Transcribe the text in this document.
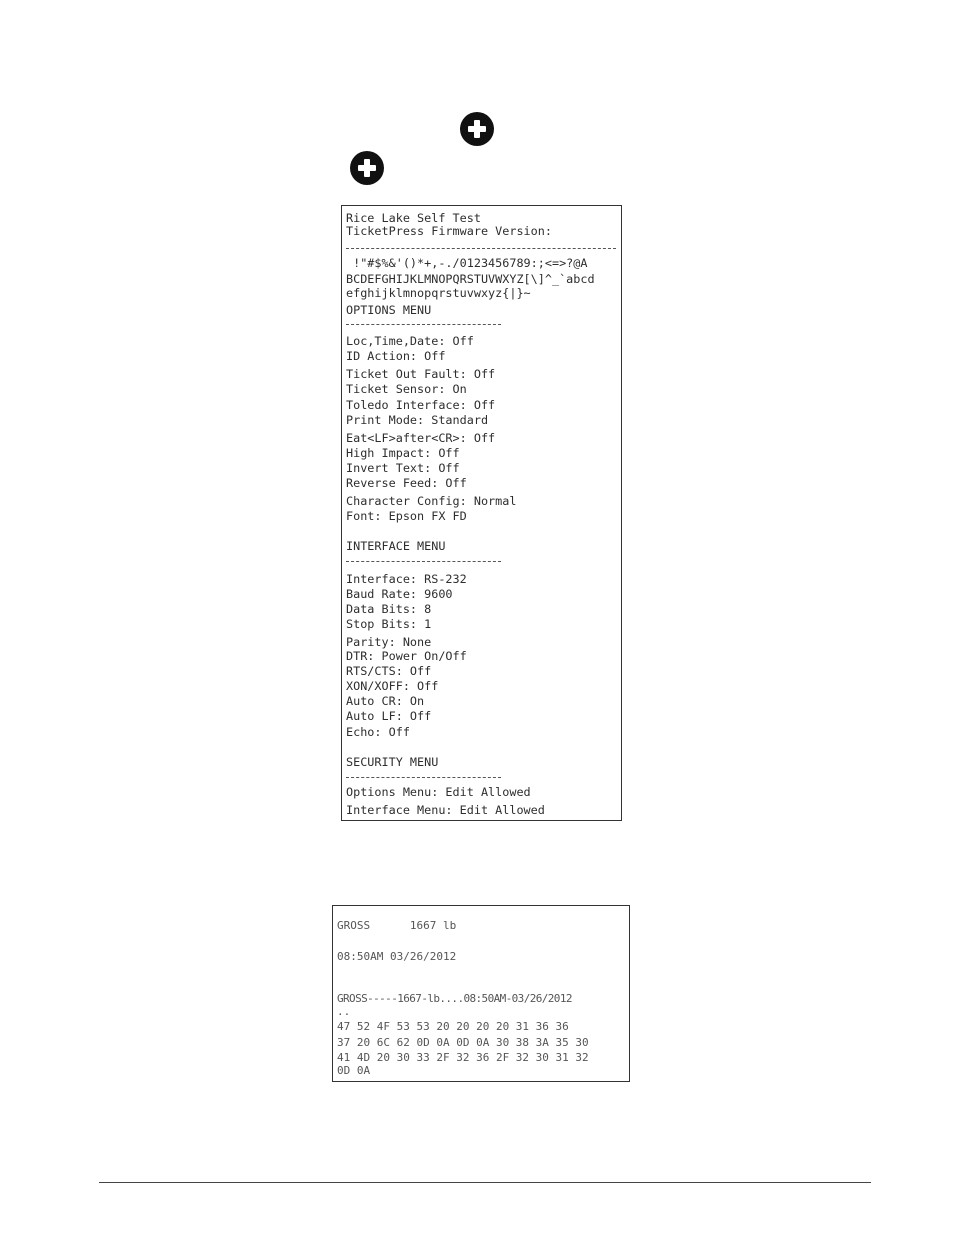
Rice Lake Self Test
TicketPress Firmware Version:
!"#$%&'()*+,-./0123456789:;<=>?@A
BCDEFGHIJKLMNOPQRSTUVWXYZ[\]^_`abcd
efghijklmnopqrstuvwxyz{|}~
OPTIONS MENU
Loc,Time,Date: Off
ID Action: Off
Ticket Out Fault: Off
Ticket Sensor: On
Toledo Interface: Off
Print Mode: Standard
Eat<LF>after<CR>: Off
High Impact: Off
Invert Text: Off
Reverse Feed: Off
Character Config: Normal
Font: Epson FX FD
INTERFACE MENU
Interface: RS-232
Baud Rate: 9600
Data Bits: 8
Stop Bits: 1
Parity: None
DTR: Power On/Off
RTS/CTS: Off
XON/XOFF: Off
Auto CR: On
Auto LF: Off
Echo: Off
SECURITY MENU
Options Menu: Edit Allowed
Interface Menu: Edit Allowed
GROSS      1667 lb
08:50AM 03/26/2012
GROSS-----1667-lb....08:50AM-03/26/2012
..
47 52 4F 53 53 20 20 20 20 31 36 36
37 20 6C 62 0D 0A 0D 0A 30 38 3A 35 30
41 4D 20 30 33 2F 32 36 2F 32 30 31 32
0D 0A
